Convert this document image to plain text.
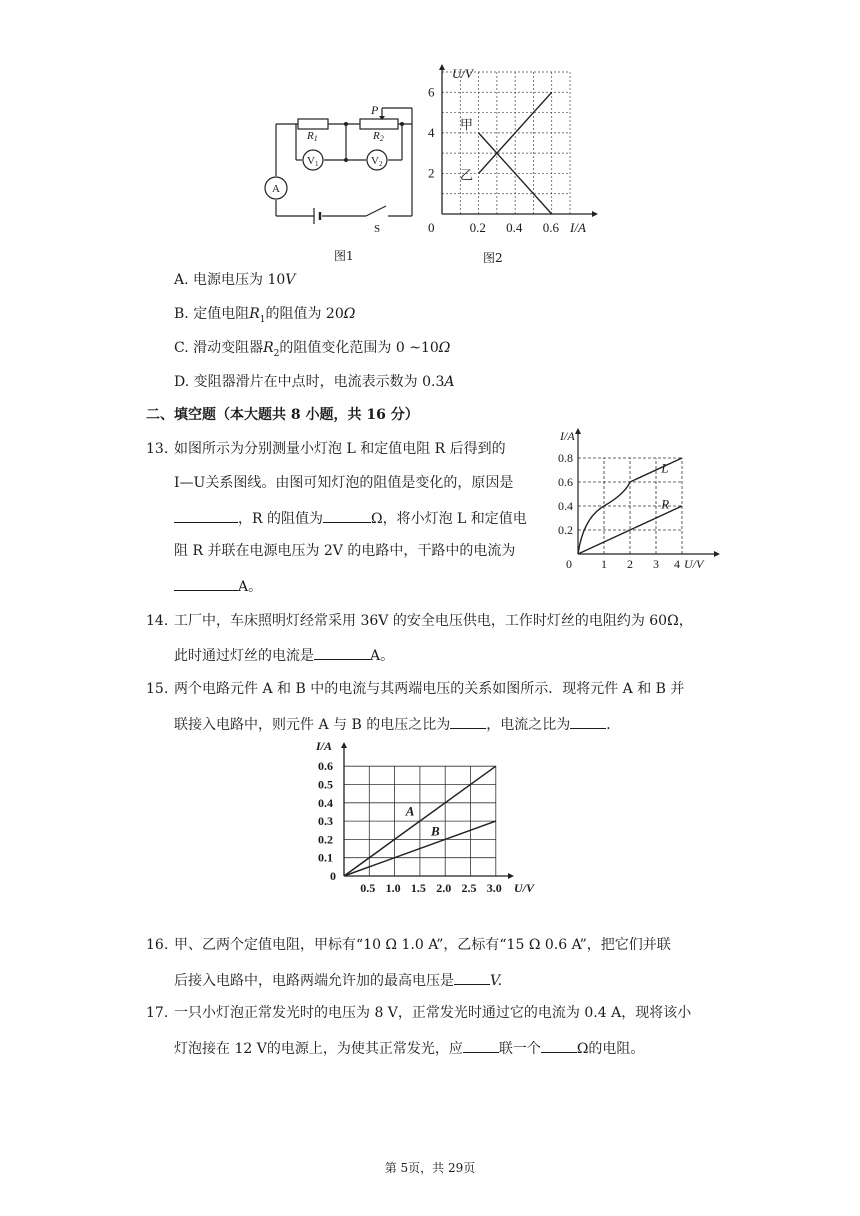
P
R1	R2
V1	V2
A
S
图1
U/V
I/A
0	0.2 0.4 0.6
2
4
6
甲
乙
图2
A. 电源电压为 10V
B. 定值电阻$R_1$的阻值为 20Ω
C. 滑动变阻器$R_2$的阻值变化范围为 0 ~10Ω
D. 变阻器滑片在中点时，电流表示数为 0.3A
二、填空题（本大题共 8 小题，共 16 分）
13. 如图所示为分别测量小灯泡 L 和定值电阻 R 后得到的
I—U关系图线。由图可知灯泡的阻值是变化的，原因是
，R 的阻值为	Ω，将小灯泡 L 和定值电
阻 R 并联在电源电压为 2V 的电路中，干路中的电流为
A。
I/A
U/V
0 1 2 3 4
0.2
0.4
0.6
0.8
L
R
14. 工厂中，车床照明灯经常采用 36V 的安全电压供电，工作时灯丝的电阻约为 60Ω，
此时通过灯丝的电流是	A。
15. 两个电路元件 A 和 B 中的电流与其两端电压的关系如图所示．现将元件 A 和 B 并
联接入电路中，则元件 A 与 B 的电压之比为	，电流之比为	．
I/A
U/V
0
0.5 1.0 1.5 2.0 2.5 3.0
0.1
0.2
0.3
0.4
0.5
0.6
A
B
16. 甲、乙两个定值电阻，甲标有“10 Ω 1.0 A”，乙标有“15 Ω 0.6 A”，把它们并联
后接入电路中，电路两端允许加的最高电压是	V.
17. 一只小灯泡正常发光时的电压为 8 V，正常发光时通过它的电流为 0.4 A，现将该小
灯泡接在 12 V的电源上，为使其正常发光，应	联一个	Ω的电阻。
第 5页，共 29页
